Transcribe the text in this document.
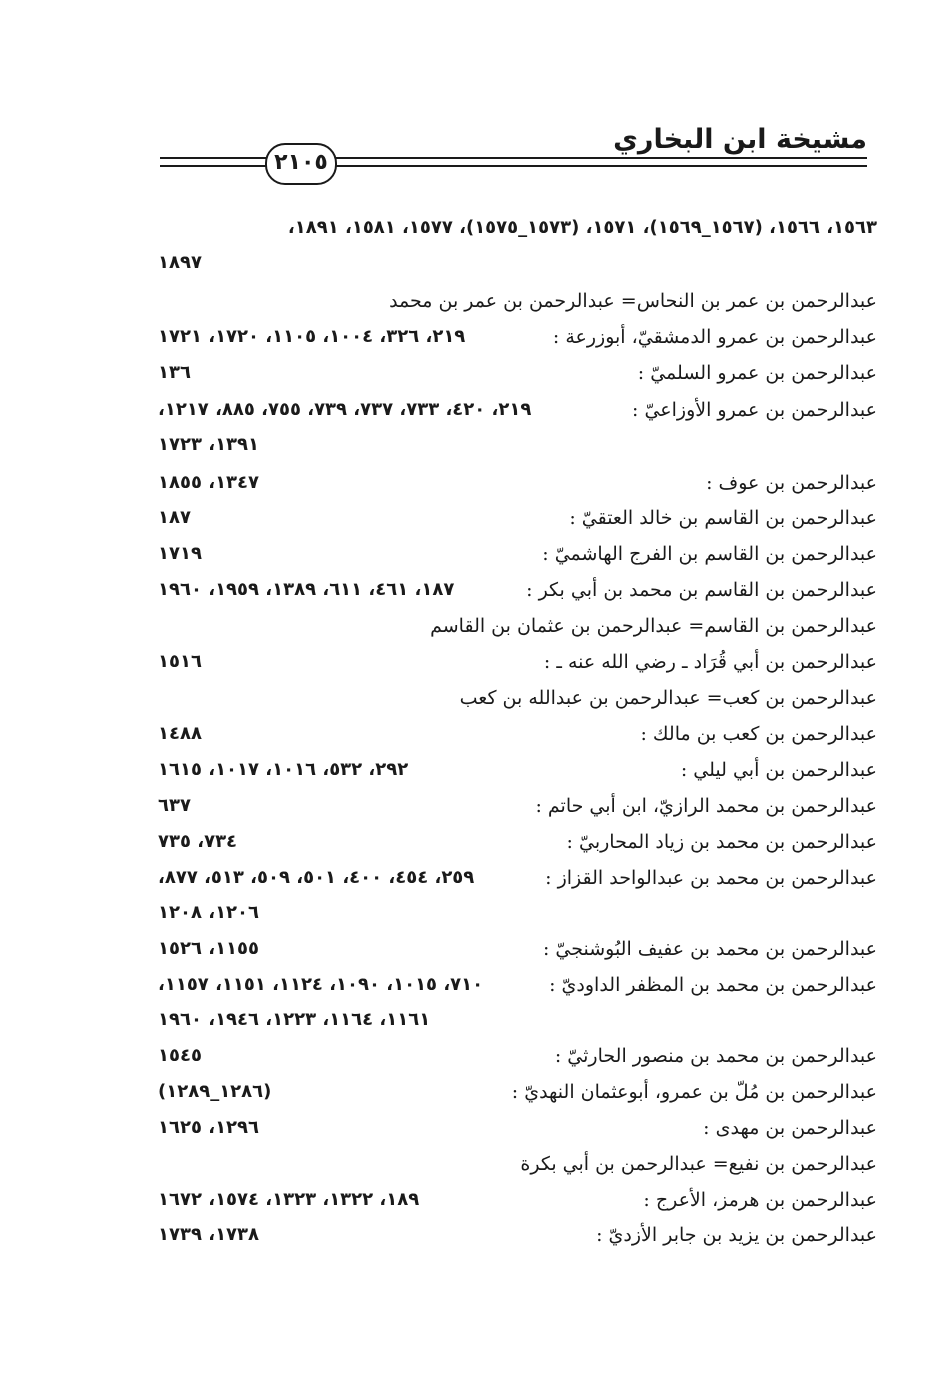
مشيخة ابن البخاري
٢١٠٥
١٥٦٣، ١٥٦٦، (١٥٦٧_١٥٦٩)، ١٥٧١، (١٥٧٣_١٥٧٥)، ١٥٧٧، ١٥٨١، ١٨٩١،
١٨٩٧
عبدالرحمن بن عمر بن النحاس= عبدالرحمن بن عمر بن محمد
عبدالرحمن بن عمرو الدمشقيّ، أبوزرعة :
٢١٩، ٣٢٦، ١٠٠٤، ١١٠٥، ١٧٢٠، ١٧٢١
عبدالرحمن بن عمرو السلميّ :
١٣٦
عبدالرحمن بن عمرو الأوزاعيّ :
٢١٩، ٤٢٠، ٧٣٣، ٧٣٧، ٧٣٩، ٧٥٥، ٨٨٥، ١٢١٧،
١٣٩١، ١٧٢٣
عبدالرحمن بن عوف :
١٣٤٧، ١٨٥٥
عبدالرحمن بن القاسم بن خالد العتقيّ :
١٨٧
عبدالرحمن بن القاسم بن الفرج الهاشميّ :
١٧١٩
عبدالرحمن بن القاسم بن محمد بن أبي بكر :
١٨٧، ٤٦١، ٦١١، ١٣٨٩، ١٩٥٩، ١٩٦٠
عبدالرحمن بن القاسم= عبدالرحمن بن عثمان بن القاسم
عبدالرحمن بن أبي قُرَاد ـ رضي الله عنه ـ :
١٥١٦
عبدالرحمن بن كعب= عبدالرحمن بن عبدالله بن كعب
عبدالرحمن بن كعب بن مالك :
١٤٨٨
عبدالرحمن بن أبي ليلي :
٢٩٢، ٥٣٢، ١٠١٦، ١٠١٧، ١٦١٥
عبدالرحمن بن محمد الرازيّ، ابن أبي حاتم :
٦٣٧
عبدالرحمن بن محمد بن زياد المحاربيّ :
٧٣٤، ٧٣٥
عبدالرحمن بن محمد بن عبدالواحد القزاز :
٢٥٩، ٤٥٤، ٤٠٠، ٥٠١، ٥٠٩، ٥١٣، ٨٧٧،
١٢٠٦، ١٢٠٨
عبدالرحمن بن محمد بن عفيف البُوشنجيّ :
١١٥٥، ١٥٢٦
عبدالرحمن بن محمد بن المظفر الداوديّ :
٧١٠، ١٠١٥، ١٠٩٠، ١١٢٤، ١١٥١، ١١٥٧،
١١٦١، ١١٦٤، ١٢٢٣، ١٩٤٦، ١٩٦٠
عبدالرحمن بن محمد بن منصور الحارثيّ :
١٥٤٥
عبدالرحمن بن مُلّ بن عمرو، أبوعثمان النهديّ :
(١٢٨٦_١٢٨٩)
عبدالرحمن بن مهدى :
١٢٩٦، ١٦٢٥
عبدالرحمن بن نفيع= عبدالرحمن بن أبي بكرة
عبدالرحمن بن هرمز، الأعرج :
١٨٩، ١٣٢٢، ١٣٢٣، ١٥٧٤، ١٦٧٢
عبدالرحمن بن يزيد بن جابر الأزديّ :
١٧٣٨، ١٧٣٩
